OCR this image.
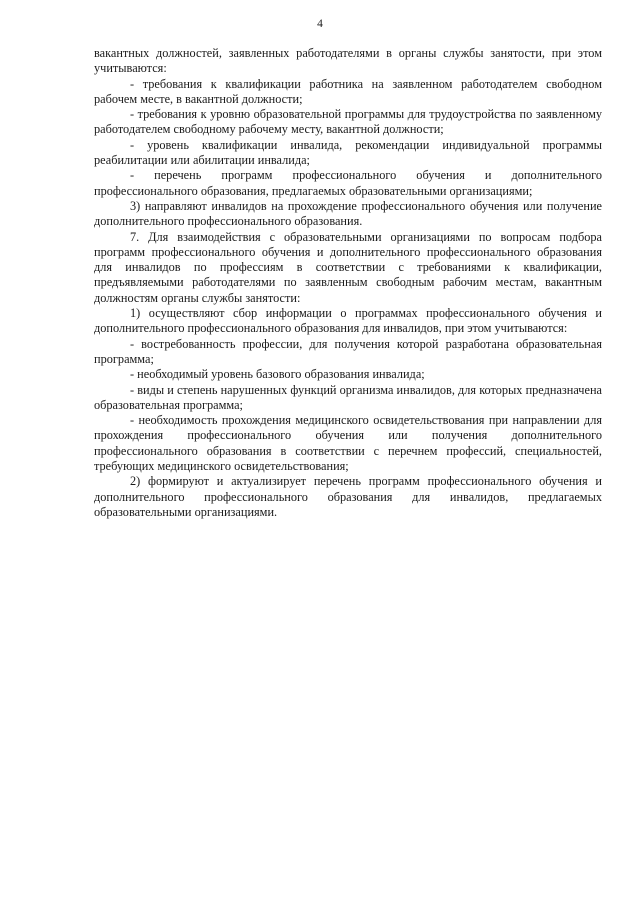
4

вакантных должностей, заявленных работодателями в органы службы занятости, при этом учитываются:

- требования к квалификации работника на заявленном работодателем свободном рабочем месте, в вакантной должности;

- требования к уровню образовательной программы для трудоустройства по заявленному работодателем свободному рабочему месту, вакантной должности;

- уровень квалификации инвалида, рекомендации индивидуальной программы реабилитации или абилитации инвалида;

- перечень программ профессионального обучения и дополнительного профессионального образования, предлагаемых образовательными организациями;

3) направляют инвалидов на прохождение профессионального обучения или получение дополнительного профессионального образования.

7. Для взаимодействия с образовательными организациями по вопросам подбора программ профессионального обучения и дополнительного профессионального образования для инвалидов по профессиям в соответствии с требованиями к квалификации, предъявляемыми работодателями по заявленным свободным рабочим местам, вакантным должностям органы службы занятости:

1) осуществляют сбор информации о программах профессионального обучения и дополнительного профессионального образования для инвалидов, при этом учитываются:

- востребованность профессии, для получения которой разработана образовательная программа;

- необходимый уровень базового образования инвалида;

- виды и степень нарушенных функций организма инвалидов, для которых предназначена образовательная программа;

- необходимость прохождения медицинского освидетельствования при направлении для прохождения профессионального обучения или получения дополнительного профессионального образования в соответствии с перечнем профессий, специальностей, требующих медицинского освидетельствования;

2) формируют и актуализирует перечень программ профессионального обучения и дополнительного профессионального образования для инвалидов, предлагаемых образовательными организациями.
